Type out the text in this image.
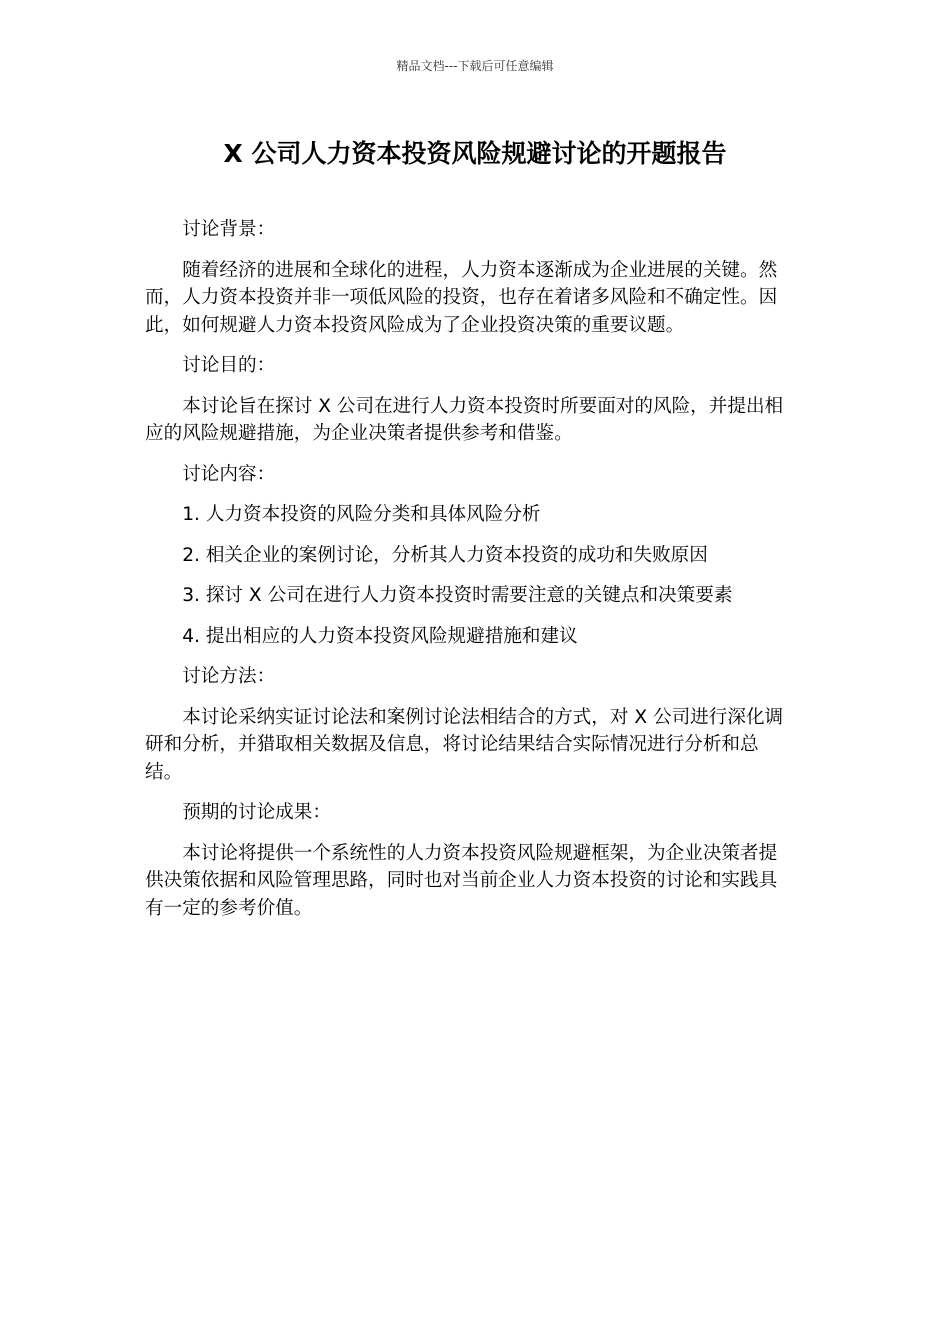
精品文档---下载后可任意编辑
X 公司人力资本投资风险规避讨论的开题报告

讨论背景：

随着经济的进展和全球化的进程，人力资本逐渐成为企业进展的关键。然而，人力资本投资并非一项低风险的投资，也存在着诸多风险和不确定性。因此，如何规避人力资本投资风险成为了企业投资决策的重要议题。

讨论目的：

本讨论旨在探讨 X 公司在进行人力资本投资时所要面对的风险，并提出相应的风险规避措施，为企业决策者提供参考和借鉴。

讨论内容：

1. 人力资本投资的风险分类和具体风险分析

2. 相关企业的案例讨论，分析其人力资本投资的成功和失败原因

3. 探讨 X 公司在进行人力资本投资时需要注意的关键点和决策要素

4. 提出相应的人力资本投资风险规避措施和建议

讨论方法：

本讨论采纳实证讨论法和案例讨论法相结合的方式，对 X 公司进行深化调研和分析，并猎取相关数据及信息，将讨论结果结合实际情况进行分析和总结。

预期的讨论成果：

本讨论将提供一个系统性的人力资本投资风险规避框架，为企业决策者提供决策依据和风险管理思路，同时也对当前企业人力资本投资的讨论和实践具有一定的参考价值。
